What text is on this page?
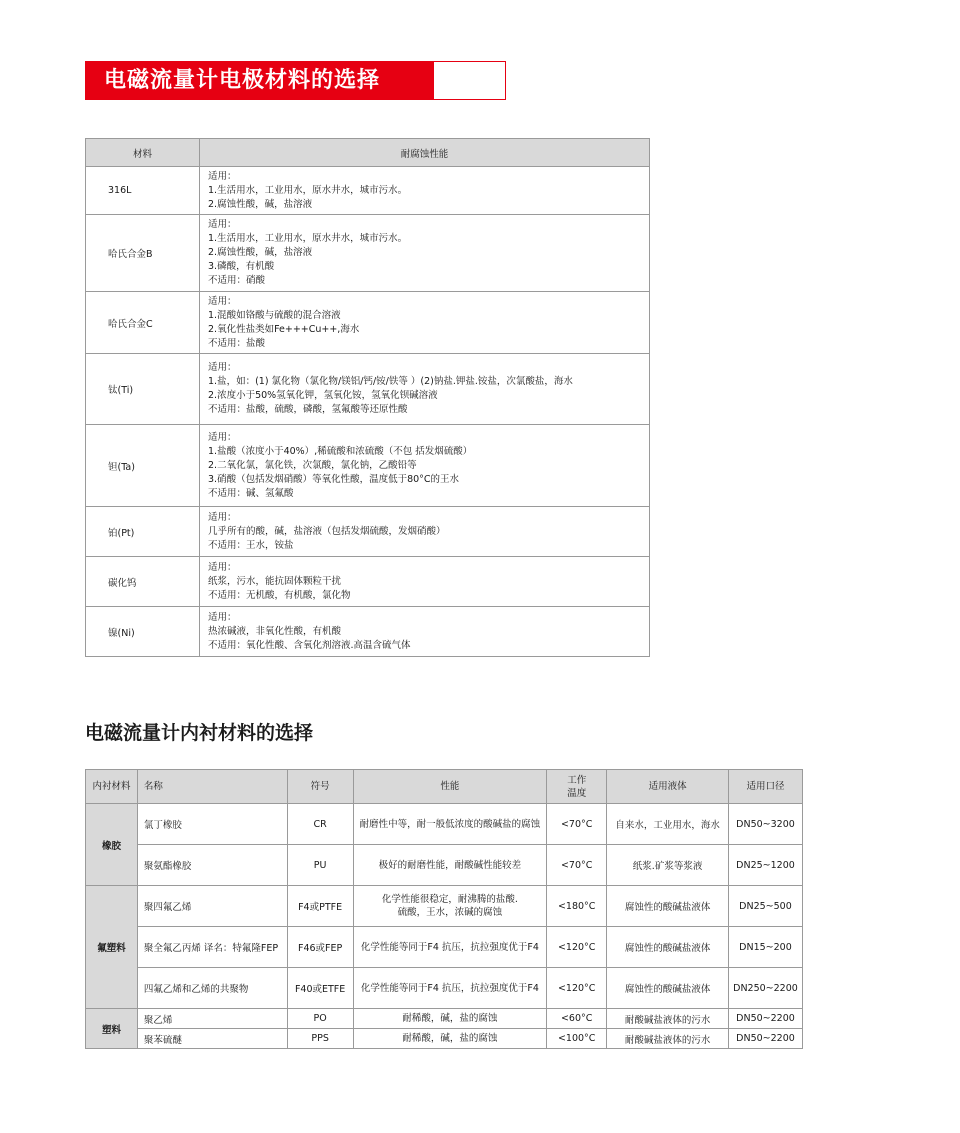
电磁流量计电极材料的选择
材料	耐腐蚀性能
316L	适用：
1.生活用水，工业用水，原水井水，城市污水。
2.腐蚀性酸，碱，盐溶液

哈氏合金B	适用：
1.生活用水，工业用水，原水井水，城市污水。
2.腐蚀性酸，碱，盐溶液
3.磷酸，有机酸
不适用：硝酸

哈氏合金C	适用：
1.混酸如铬酸与硫酸的混合溶液
2.氧化性盐类如Fe+++Cu++,海水
不适用：盐酸

钛(Ti)	适用：
1.盐，如：(1) 氯化物（氯化物/镁铝/钙/铵/铁等 ）(2)钠盐.钾盐.铵盐，次氯酸盐，海水
2.浓度小于50%氢氧化钾，氢氧化铵，氢氧化钡碱溶液
不适用：盐酸，硫酸，磷酸，氢氟酸等还原性酸

钽(Ta)	适用：
1.盐酸（浓度小于40%）,稀硫酸和浓硫酸（不包 括发烟硫酸）
2.二氧化氯，氯化铁，次氯酸，氯化钠，乙酸铅等
3.硝酸（包括发烟硝酸）等氧化性酸，温度低于80°C的王水
不适用：碱、氢氟酸

铂(Pt)	适用：
几乎所有的酸，碱，盐溶液（包括发烟硫酸，发烟硝酸）
不适用：王水，铵盐

碳化钨	适用：
纸浆，污水，能抗固体颗粒干扰
不适用：无机酸，有机酸，氯化物

镍(Ni)	适用：
热浓碱液，非氧化性酸，有机酸
不适用：氧化性酸、含氧化剂溶液.高温含硫气体
电磁流量计内衬材料的选择
内衬材料	名称	符号	性能	工作
温度	适用液体	适用口径
橡胶	氯丁橡胶	CR	耐磨性中等，耐一般低浓度的酸碱盐的腐蚀	<70°C	自来水，工业用水，海水	DN50~3200
	聚氨酯橡胶	PU	极好的耐磨性能，耐酸碱性能较差	<70°C	纸浆.矿浆等浆液	DN25~1200
氟塑料	聚四氟乙烯	F4或PTFE	化学性能很稳定，耐沸腾的盐酸.
硫酸，王水，浓碱的腐蚀	<180°C	腐蚀性的酸碱盐液体	DN25~500
	聚全氟乙丙烯 译名：特氟隆FEP	F46或FEP	化学性能等同于F4 抗压，抗拉强度优于F4	<120°C	腐蚀性的酸碱盐液体	DN15~200
	四氟乙烯和乙烯的共聚物	F40或ETFE	化学性能等同于F4 抗压，抗拉强度优于F4	<120°C	腐蚀性的酸碱盐液体	DN250~2200
塑料	聚乙烯	PO	耐稀酸，碱，盐的腐蚀	<60°C	耐酸碱盐液体的污水	DN50~2200
	聚苯硫醚	PPS	耐稀酸，碱，盐的腐蚀	<100°C	耐酸碱盐液体的污水	DN50~2200
